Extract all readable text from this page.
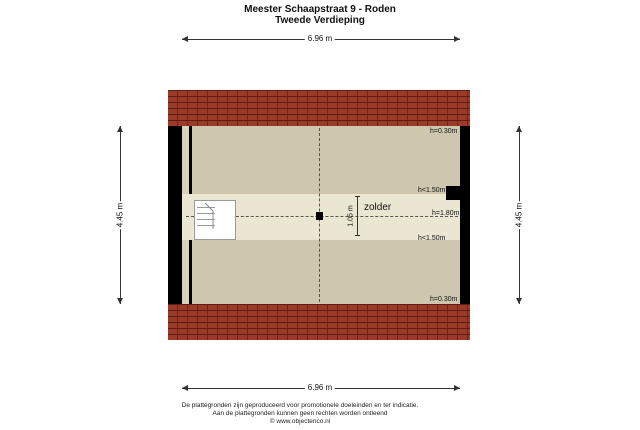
Meester Schaapstraat 9 - Roden
Tweede Verdieping
6.96 m
4.45 m	4.45 m
1.05 m zolder
h=0.30m
h<1.50m
h=1.80m
h<1.50m
h=0.30m
6.96 m
De plattegronden zijn geproduceerd voor promotionele doeleinden en ter indicatie.
Aan de plattegronden kunnen geen rechten worden ontleend
© www.objectenco.nl
